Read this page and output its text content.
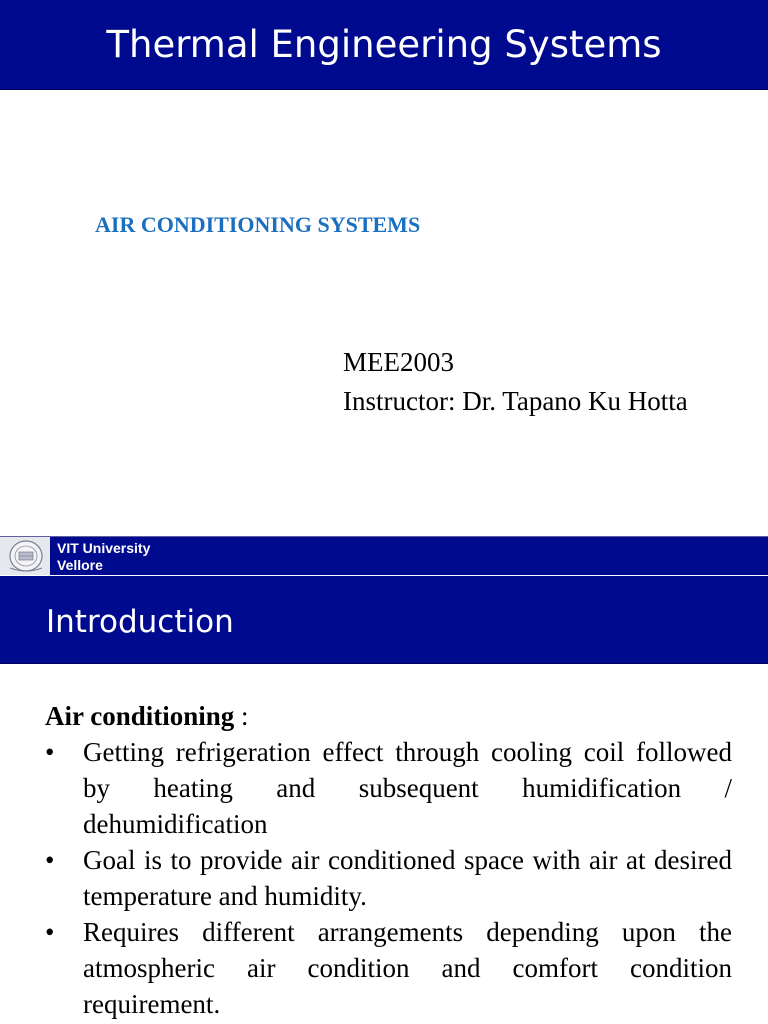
Thermal Engineering Systems
AIR CONDITIONING SYSTEMS
MEE2003
Instructor: Dr. Tapano Ku Hotta
VIT University
Vellore
Introduction

Air conditioning :

• Getting refrigeration effect through cooling coil followed by heating and subsequent humidification / dehumidification
• Goal is to provide air conditioned space with air at desired temperature and humidity.
• Requires different arrangements depending upon the atmospheric air condition and comfort condition requirement.
